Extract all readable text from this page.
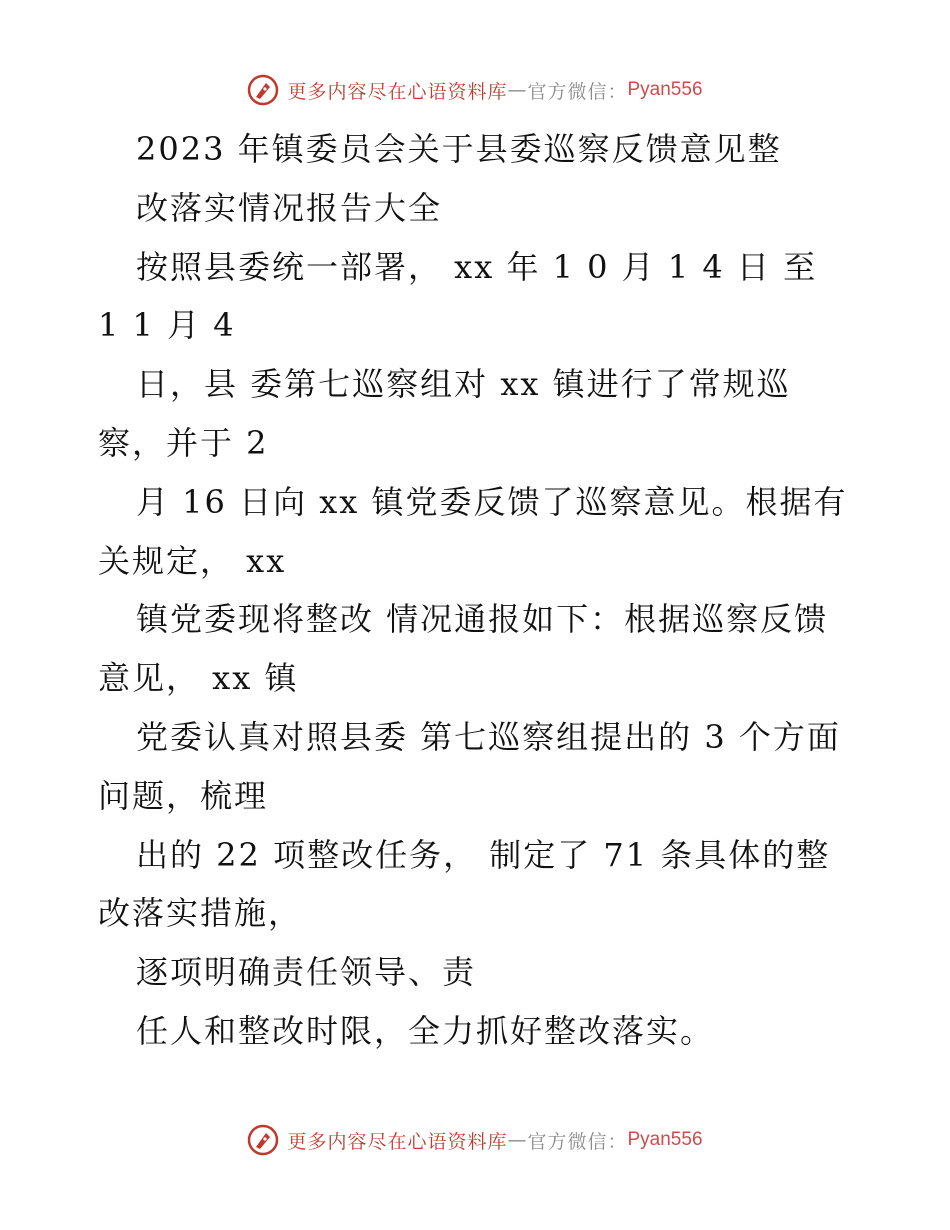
更多内容尽在心语资料库 — 官方微信： Pyan556
2023 年镇委员会关于县委巡察反馈意见整
改落实情况报告大全
按照县委统一部署， xx 年 1 0 月 1 4 日 至
1 1 月 4
日，县 委第七巡察组对 xx 镇进行了常规巡
察，并于 2
月 16 日向 xx 镇党委反馈了巡察意见。根据有
关规定， xx
镇党委现将整改 情况通报如下：根据巡察反馈
意见， xx 镇
党委认真对照县委 第七巡察组提出的 3 个方面
问题，梳理
出的 22 项整改任务， 制定了 71 条具体的整
改落实措施，
逐项明确责任领导、责
任人和整改时限，全力抓好整改落实。
更多内容尽在心语资料库 — 官方微信： Pyan556
